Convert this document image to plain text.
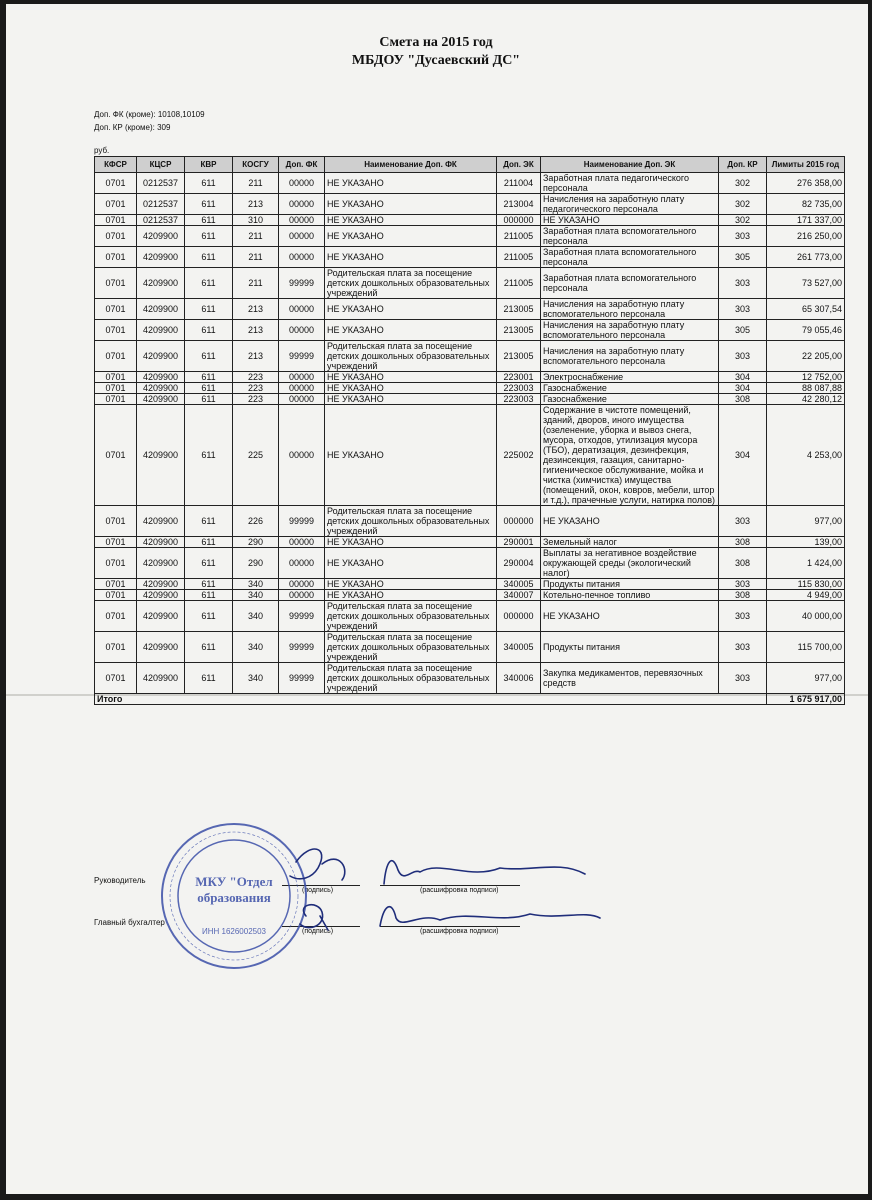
Смета на 2015 год
МБДОУ "Дусаевский ДС"
Доп. ФК (кроме): 10108,10109
Доп. КР (кроме): 309
руб.
КФСР	КЦСР	КВР	КОСГУ	Доп. ФК	Наименование Доп. ФК	Доп. ЭК	Наименование Доп. ЭК	Доп. КР	Лимиты 2015 год
0701	0212537	611	211	00000	НЕ УКАЗАНО	211004	Заработная плата педагогического персонала	302	276 358,00
0701	0212537	611	213	00000	НЕ УКАЗАНО	213004	Начисления на заработную плату педагогического персонала	302	82 735,00
0701	0212537	611	310	00000	НЕ УКАЗАНО	000000	НЕ УКАЗАНО	302	171 337,00
0701	4209900	611	211	00000	НЕ УКАЗАНО	211005	Заработная плата вспомогательного персонала	303	216 250,00
0701	4209900	611	211	00000	НЕ УКАЗАНО	211005	Заработная плата вспомогательного персонала	305	261 773,00
0701	4209900	611	211	99999	Родительская плата за посещение детских дошкольных образовательных учреждений	211005	Заработная плата вспомогательного персонала	303	73 527,00
0701	4209900	611	213	00000	НЕ УКАЗАНО	213005	Начисления на заработную плату вспомогательного персонала	303	65 307,54
0701	4209900	611	213	00000	НЕ УКАЗАНО	213005	Начисления на заработную плату вспомогательного персонала	305	79 055,46
0701	4209900	611	213	99999	Родительская плата за посещение детских дошкольных образовательных учреждений	213005	Начисления на заработную плату вспомогательного персонала	303	22 205,00
0701	4209900	611	223	00000	НЕ УКАЗАНО	223001	Электроснабжение	304	12 752,00
0701	4209900	611	223	00000	НЕ УКАЗАНО	223003	Газоснабжение	304	88 087,88
0701	4209900	611	223	00000	НЕ УКАЗАНО	223003	Газоснабжение	308	42 280,12
0701	4209900	611	225	00000	НЕ УКАЗАНО	225002	Содержание в чистоте помещений, зданий, дворов, иного имущества (озеленение, уборка и вывоз снега, мусора, отходов, утилизация мусора (ТБО), дератизация, дезинфекция, дезинсекция, газация, санитарно-гигиеническое обслуживание, мойка и чистка (химчистка) имущества (помещений, окон, ковров, мебели, штор и т.д.), прачечные услуги, натирка полов)	304	4 253,00
0701	4209900	611	226	99999	Родительская плата за посещение детских дошкольных образовательных учреждений	000000	НЕ УКАЗАНО	303	977,00
0701	4209900	611	290	00000	НЕ УКАЗАНО	290001	Земельный налог	308	139,00
0701	4209900	611	290	00000	НЕ УКАЗАНО	290004	Выплаты за негативное воздействие окружающей среды (экологический налог)	308	1 424,00
0701	4209900	611	340	00000	НЕ УКАЗАНО	340005	Продукты питания	303	115 830,00
0701	4209900	611	340	00000	НЕ УКАЗАНО	340007	Котельно-печное топливо	308	4 949,00
0701	4209900	611	340	99999	Родительская плата за посещение детских дошкольных образовательных учреждений	000000	НЕ УКАЗАНО	303	40 000,00
0701	4209900	611	340	99999	Родительская плата за посещение детских дошкольных образовательных учреждений	340005	Продукты питания	303	115 700,00
0701	4209900	611	340	99999	Родительская плата за посещение детских дошкольных образовательных учреждений	340006	Закупка медикаментов, перевязочных средств	303	977,00
Итого									1 675 917,00
Руководитель
(подпись)	(расшифровка подписи)
Главный бухгалтер
(подпись)	(расшифровка подписи)
МКУ "Отдел
образования
ИНН 1626002503
